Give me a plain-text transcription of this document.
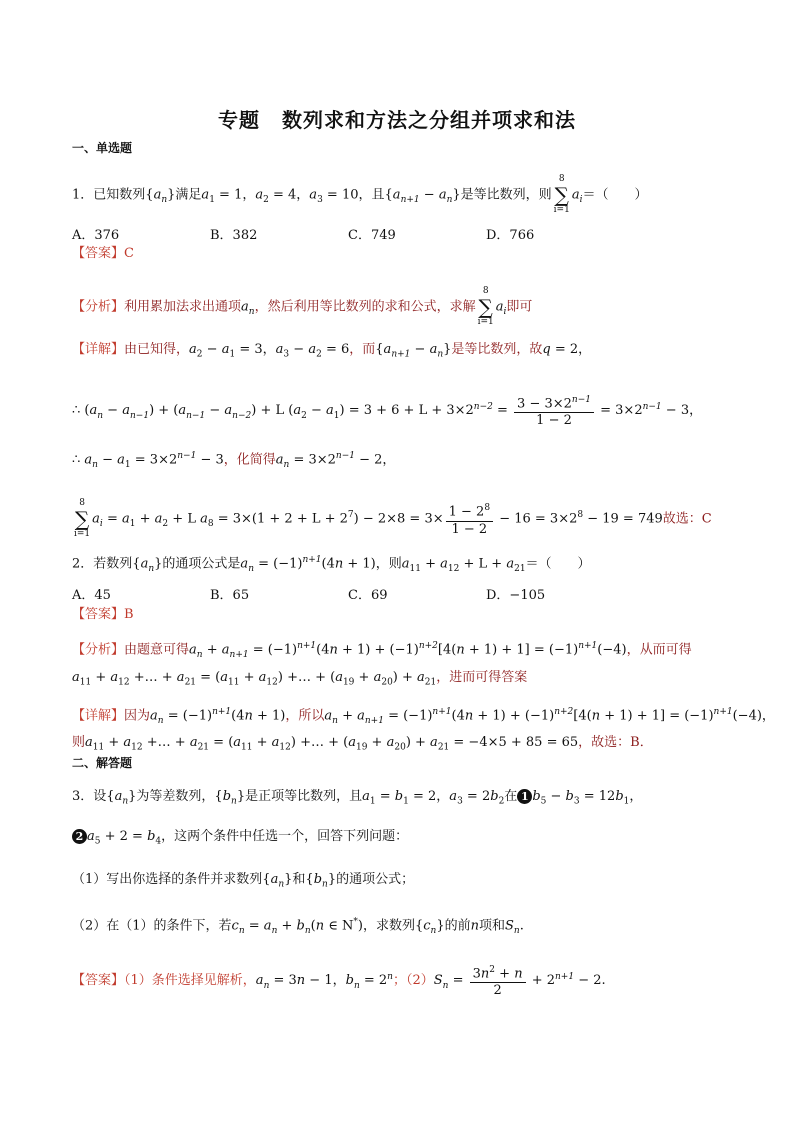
专题 数列求和方法之分组并项求和法
一、单选题
1．已知数列$\{a_n\}$满足$a_1 = 1$，$a_2 = 4$，$a_3 = 10$，且$\{a_{n+1} - a_n\}$是等比数列，则
8
∑
i=1
$a_i=$（　　）
A．376	B．382	C．749	D．766
【答案】C
【分析】利用累加法求出通项$a_n$，然后利用等比数列的求和公式，求解
8
∑
i=1
$a_i$即可
【详解】由已知得，$a_2 - a_1 = 3$，$a_3 - a_2 = 6$，而$\{a_{n+1} - a_n\}$是等比数列，故q = 2，
∴ $(a_n - a_{n-1}) + (a_{n-1} - a_{n-2}) + L$ $(a_2 - a_1) = 3 + 6 + L + 3\times 2^{n-2} = \frac{3 - 3\times 2^{n-1}}{1 - 2} = 3\times 2^{n-1} - 3$，
∴ $a_n - a_1 = 3\times 2^{n-1} - 3$，化简得$a_n = 3\times 2^{n-1} - 2$，
8
∑
i=1
$a_i = a_1 + a_2 + L$ $a_8 = 3\times(1 + 2 + L + 2^7) - 2\times 8 = 3\times \frac{1 - 2^8}{1 - 2} - 16 = 3\times 2^8 - 19 = 749$故选：C
2．若数列$\{a_n\}$的通项公式是$a_n = (-1)^{n+1}(4n + 1)$，则$a_{11} + a_{12} + L + a_{21}=$（　　）
A．45	B．65	C．69	D．−105
【答案】B
【分析】由题意可得$a_n + a_{n+1} = (-1)^{n+1}(4n + 1) + (-1)^{n+2}[4(n + 1) + 1] = (-1)^{n+1}(-4)$，从而可得
$a_{11} + a_{12}$ +… + $a_{21} = (a_{11} + a_{12})$ +… + $(a_{19} + a_{20}) + a_{21}$，进而可得答案
【详解】因为$a_n = (-1)^{n+1}(4n + 1)$，所以$a_n + a_{n+1} = (-1)^{n+1}(4n + 1) + (-1)^{n+2}[4(n + 1) + 1] = (-1)^{n+1}(-4)$，
则$a_{11} + a_{12}$ +… + $a_{21} = (a_{11} + a_{12})$ +… + $(a_{19} + a_{20}) + a_{21} = -4\times 5 + 85 = 65$，故选：B．
二、解答题
3．设$\{a_n\}$为等差数列，$\{b_n\}$是正项等比数列，且$a_1 = b_1 = 2$，$a_3 = 2b_2$在 1 $b_5 - b_3 = 12b_1$，
2 $a_5 + 2 = b_4$，这两个条件中任选一个，回答下列问题：
（1）写出你选择的条件并求数列$\{a_n\}$和$\{b_n\}$的通项公式；
（2）在（1）的条件下，若$c_n = a_n + b_n(n$ ∈ N*)，求数列$\{c_n\}$的前n项和$S_n$.
【答案】（1）条件选择见解析，$a_n = 3n - 1$，$b_n = 2^n$；$(2)S_n = \frac{3n^2 + n}{2} + 2^{n+1} - 2$.
